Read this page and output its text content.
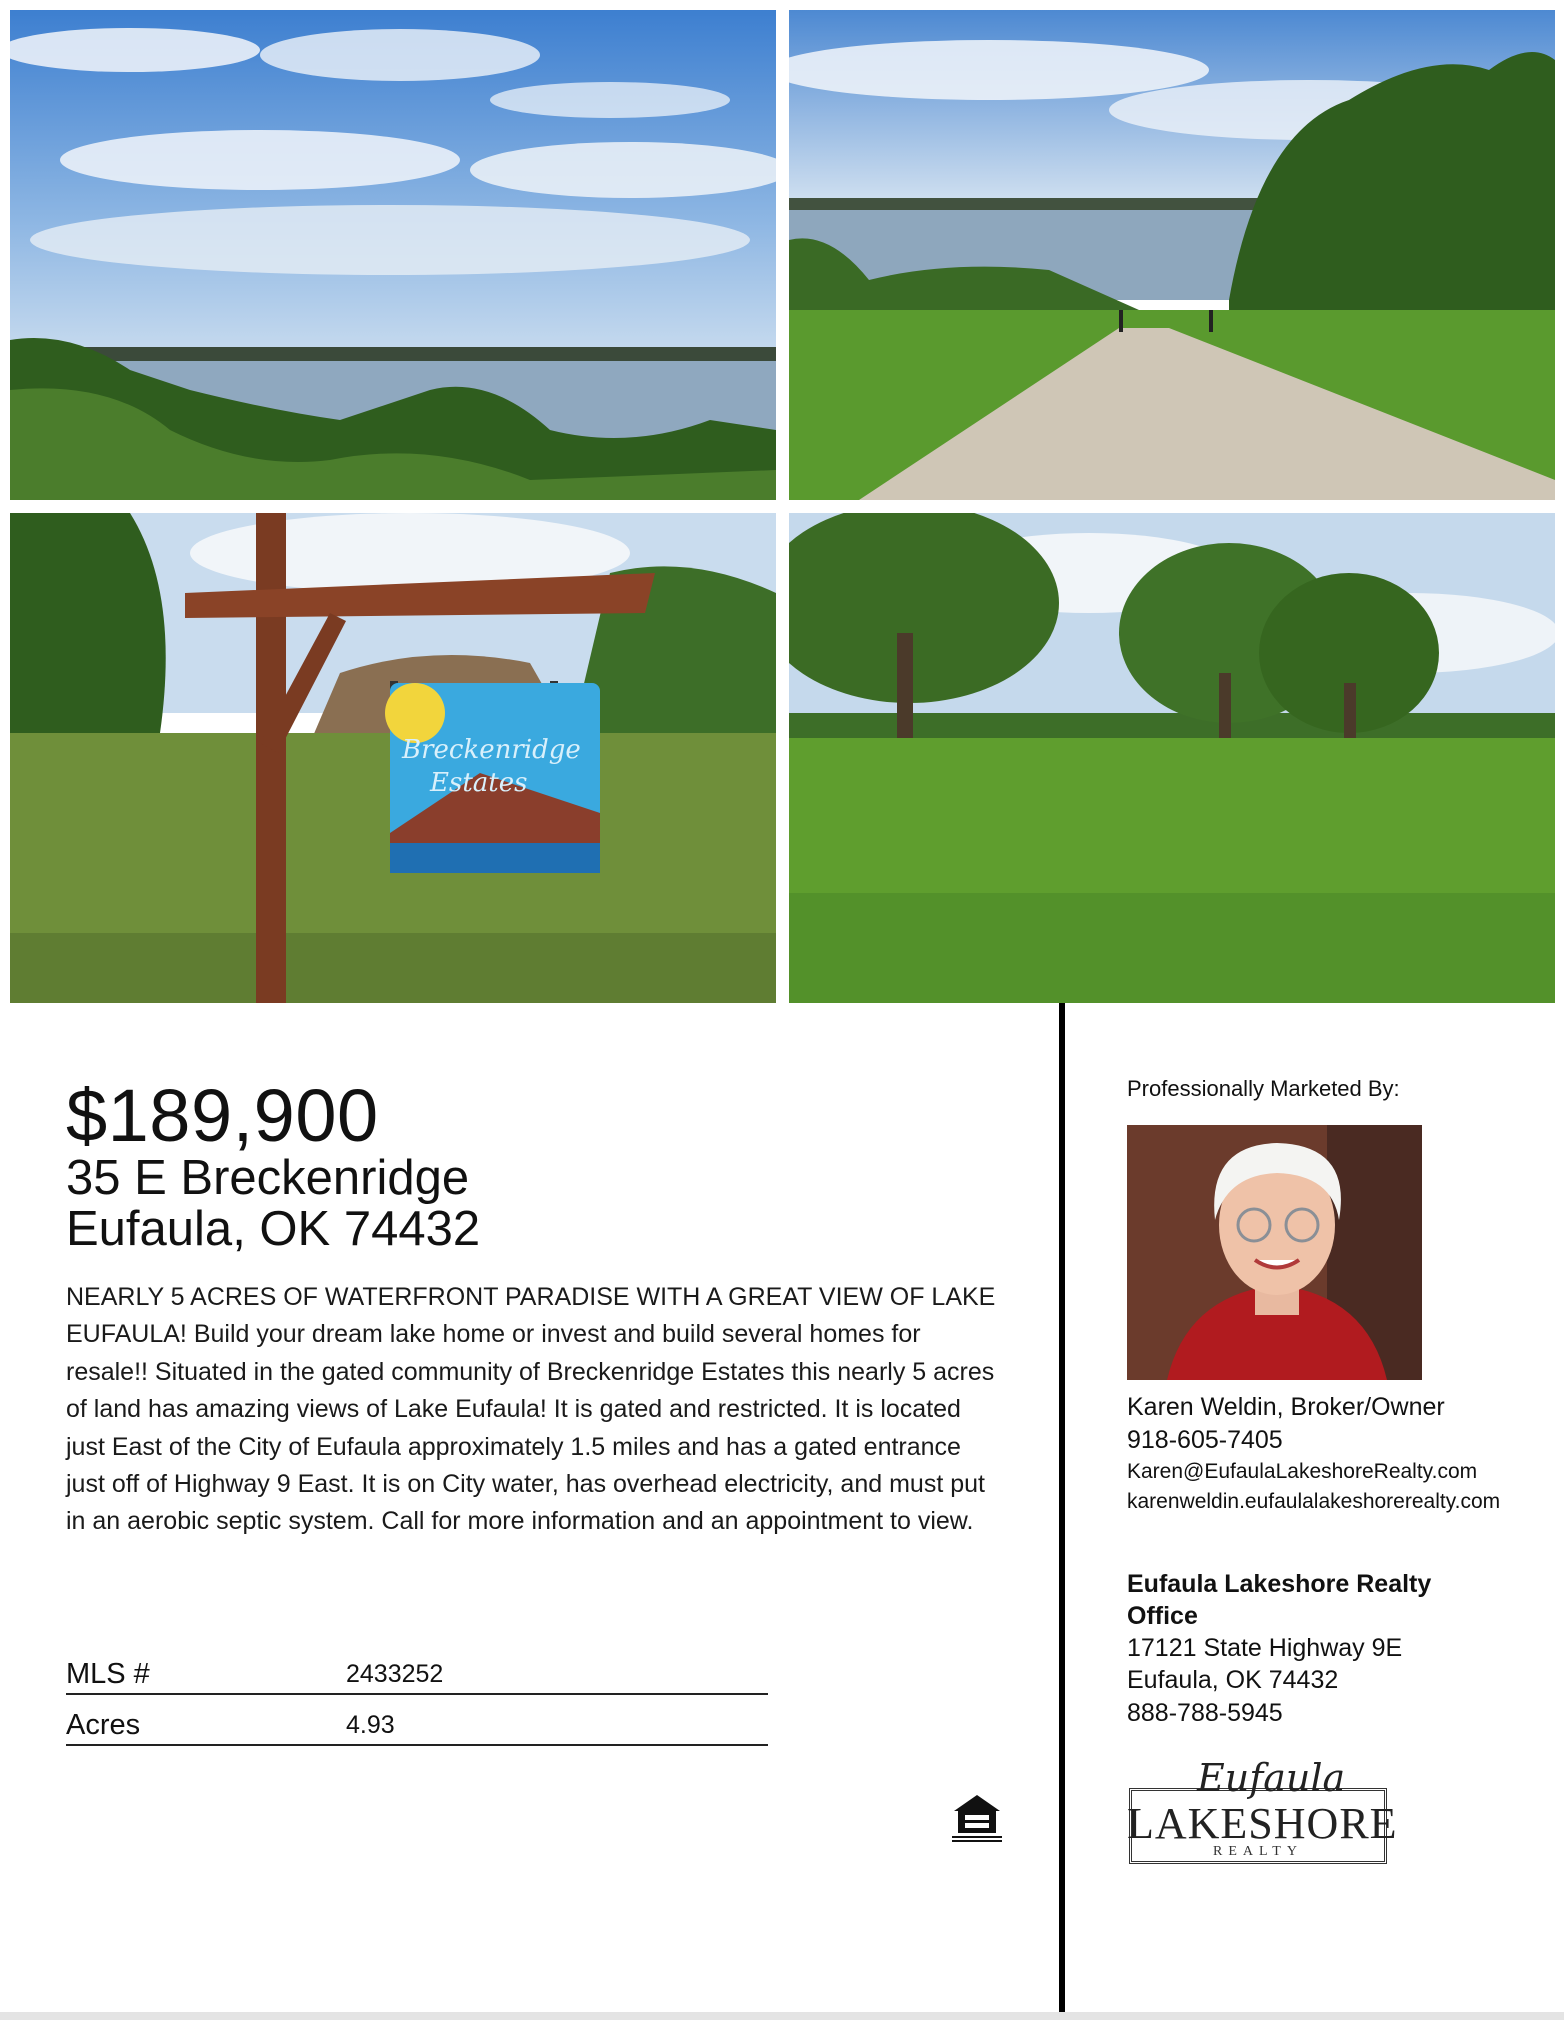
Breckenridge
Estates
$189,900
35 E Breckenridge
Eufaula, OK 74432
NEARLY 5 ACRES OF WATERFRONT PARADISE WITH A GREAT VIEW OF LAKE EUFAULA! Build your dream lake home or invest and build several homes for resale!! Situated in the gated community of Breckenridge Estates this nearly 5 acres of land has amazing views of Lake Eufaula! It is gated and restricted. It is located just East of the City of Eufaula approximately 1.5 miles and has a gated entrance just off of Highway 9 East. It is on City water, has overhead electricity, and must put in an aerobic septic system. Call for more information and an appointment to view.
MLS #	2433252
Acres	4.93
Professionally Marketed By:
Karen Weldin, Broker/Owner
918-605-7405
Karen@EufaulaLakeshoreRealty.com
karenweldin.eufaulalakeshorerealty.com
Eufaula Lakeshore Realty Office
17121 State Highway 9E
Eufaula, OK 74432
888-788-5945
Eufaula
LAKESHORE
REALTY
